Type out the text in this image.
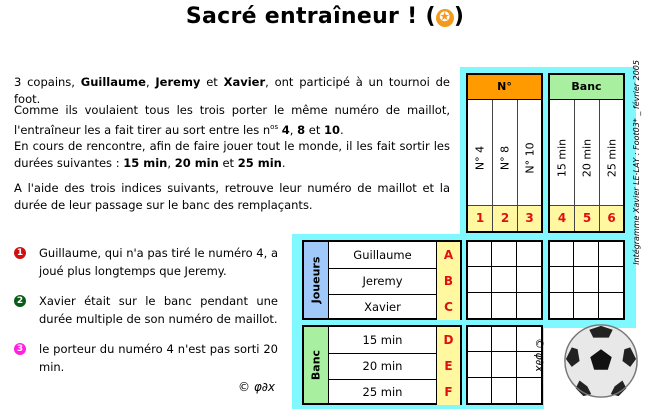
Sacré entraîneur ! ( ✪ )
3 copains, Guillaume, Jeremy et Xavier, ont participé à un tournoi de foot.
Comme ils voulaient tous les trois porter le même numéro de maillot, l'entraîneur les a fait tirer au sort entre les $n^{os}$ 4, 8 et 10.
En cours de rencontre, afin de faire jouer tout le monde, il les fait sortir les durées suivantes : 15 min, 20 min et 25 min.
A l'aide des trois indices suivants, retrouve leur numéro de maillot et la durée de leur passage sur le banc des remplaçants.
1 Guillaume, qui n'a pas tiré le numéro 4, a joué plus longtemps que Jeremy.
2 Xavier était sur le banc pendant une durée multiple de son numéro de maillot.
3 le porteur du numéro 4 n'est pas sorti 20 min.
© φ∂x
N°
N° 4 N° 8 N° 10
1	2	3
Banc
15 min 20 min 25 min
4	5	6
Joueurs
Guillaume	A
Jeremy	B
Xavier	C
Banc
15 min	D
20 min	E
25 min	F
Intégramme Xavier LE-LAY : Foot03* _ février 2005
© φ∂x
